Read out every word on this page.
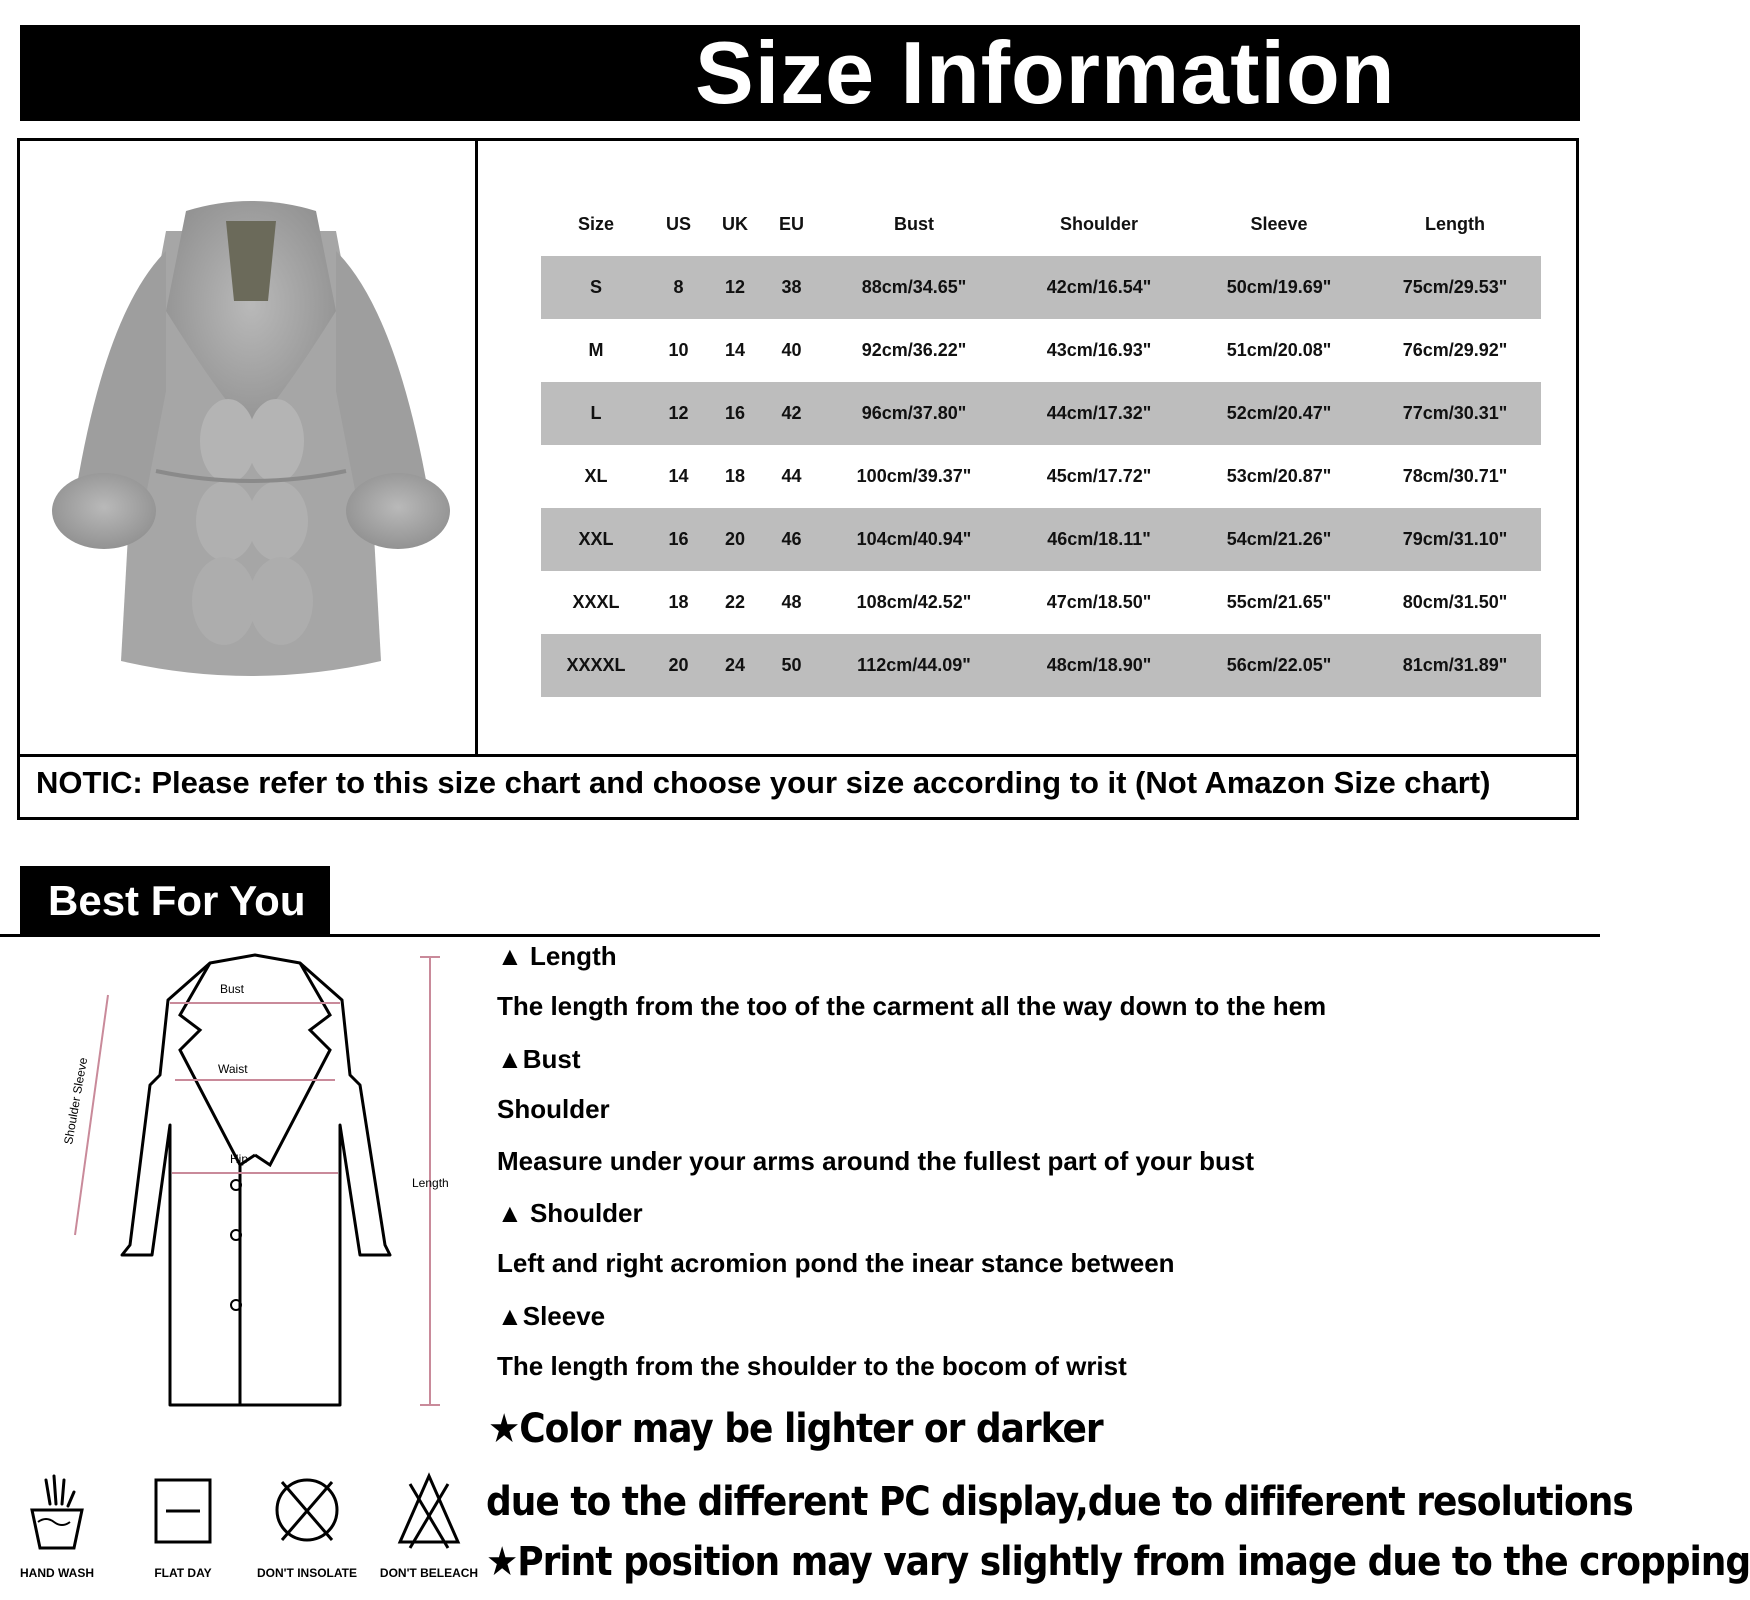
Size Information
Size	US	UK	EU	Bust	Shoulder	Sleeve	Length
S	8	12	38	88cm/34.65"	42cm/16.54"	50cm/19.69"	75cm/29.53"
M	10	14	40	92cm/36.22"	43cm/16.93"	51cm/20.08"	76cm/29.92"
L	12	16	42	96cm/37.80"	44cm/17.32"	52cm/20.47"	77cm/30.31"
XL	14	18	44	100cm/39.37"	45cm/17.72"	53cm/20.87"	78cm/30.71"
XXL	16	20	46	104cm/40.94"	46cm/18.11"	54cm/21.26"	79cm/31.10"
XXXL	18	22	48	108cm/42.52"	47cm/18.50"	55cm/21.65"	80cm/31.50"
XXXXL	20	24	50	112cm/44.09"	48cm/18.90"	56cm/22.05"	81cm/31.89"
NOTIC: Please refer to this size chart and choose your size according to it (Not Amazon Size chart)
Best For You
Bust
Waist
Hip
Shoulder Sleeve
Length
HAND WASH	FLAT DAY	DON'T INSOLATE	DON'T BELEACH
▲ Length
The length from the too of the carment all the way down to the hem
▲Bust
Shoulder
Measure under your arms around the fullest part of your bust
▲ Shoulder
Left and right acromion pond the inear stance between
▲Sleeve
The length from the shoulder to the bocom of wrist
★Color may be lighter or darker
due to the different PC display,due to dififerent resolutions
★Print position may vary slightly from image due to the cropping
